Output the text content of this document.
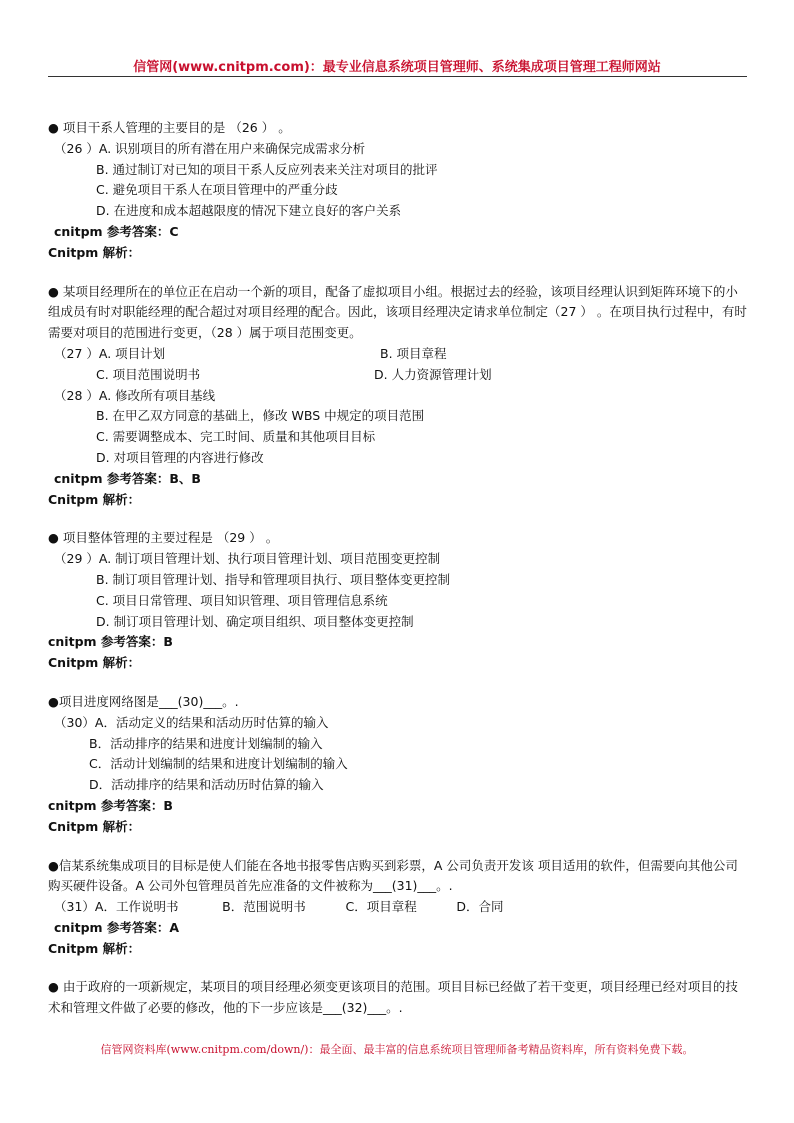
信管网(www.cnitpm.com)：最专业信息系统项目管理师、系统集成项目管理工程师网站
● 项目干系人管理的主要目的是 （26 ） 。
（26 ）A. 识别项目的所有潜在用户来确保完成需求分析
B. 通过制订对已知的项目干系人反应列表来关注对项目的批评
C. 避免项目干系人在项目管理中的严重分歧
D. 在进度和成本超越限度的情况下建立良好的客户关系
cnitpm 参考答案：C
Cnitpm 解析：
● 某项目经理所在的单位正在启动一个新的项目，配备了虚拟项目小组。根据过去的经验，该项目经理认识到矩阵环境下的小组成员有时对职能经理的配合超过对项目经理的配合。因此，该项目经理决定请求单位制定（27 ） 。在项目执行过程中，有时需要对项目的范围进行变更，（28 ）属于项目范围变更。
（27 ）A. 项目计划	B. 项目章程
C. 项目范围说明书	D. 人力资源管理计划
（28 ）A. 修改所有项目基线
B. 在甲乙双方同意的基础上，修改 WBS 中规定的项目范围
C. 需要调整成本、完工时间、质量和其他项目目标
D. 对项目管理的内容进行修改
cnitpm 参考答案：B、B
Cnitpm 解析：
● 项目整体管理的主要过程是 （29 ） 。
（29 ）A. 制订项目管理计划、执行项目管理计划、项目范围变更控制
B. 制订项目管理计划、指导和管理项目执行、项目整体变更控制
C. 项目日常管理、项目知识管理、项目管理信息系统
D. 制订项目管理计划、确定项目组织、项目整体变更控制
cnitpm 参考答案：B
Cnitpm 解析：
●项目进度网络图是___(30)___。.
（30）A．活动定义的结果和活动历时估算的输入
B．活动排序的结果和进度计划编制的输入
C．活动计划编制的结果和进度计划编制的输入
D．活动排序的结果和活动历时估算的输入
cnitpm 参考答案：B
Cnitpm 解析：
●信某系统集成项目的目标是使人们能在各地书报零售店购买到彩票，A 公司负责开发该 项目适用的软件，但需要向其他公司购买硬件设备。A 公司外包管理员首先应准备的文件被称为___(31)___。.
（31）A．工作说明书           B．范围说明书          C．项目章程          D．合同
cnitpm 参考答案：A
Cnitpm 解析：
● 由于政府的一项新规定，某项目的项目经理必须变更该项目的范围。项目目标已经做了若干变更，项目经理已经对项目的技术和管理文件做了必要的修改，他的下一步应该是___(32)___。.
信管网资料库(www.cnitpm.com/down/)：最全面、最丰富的信息系统项目管理师备考精品资料库，所有资料免费下载。
